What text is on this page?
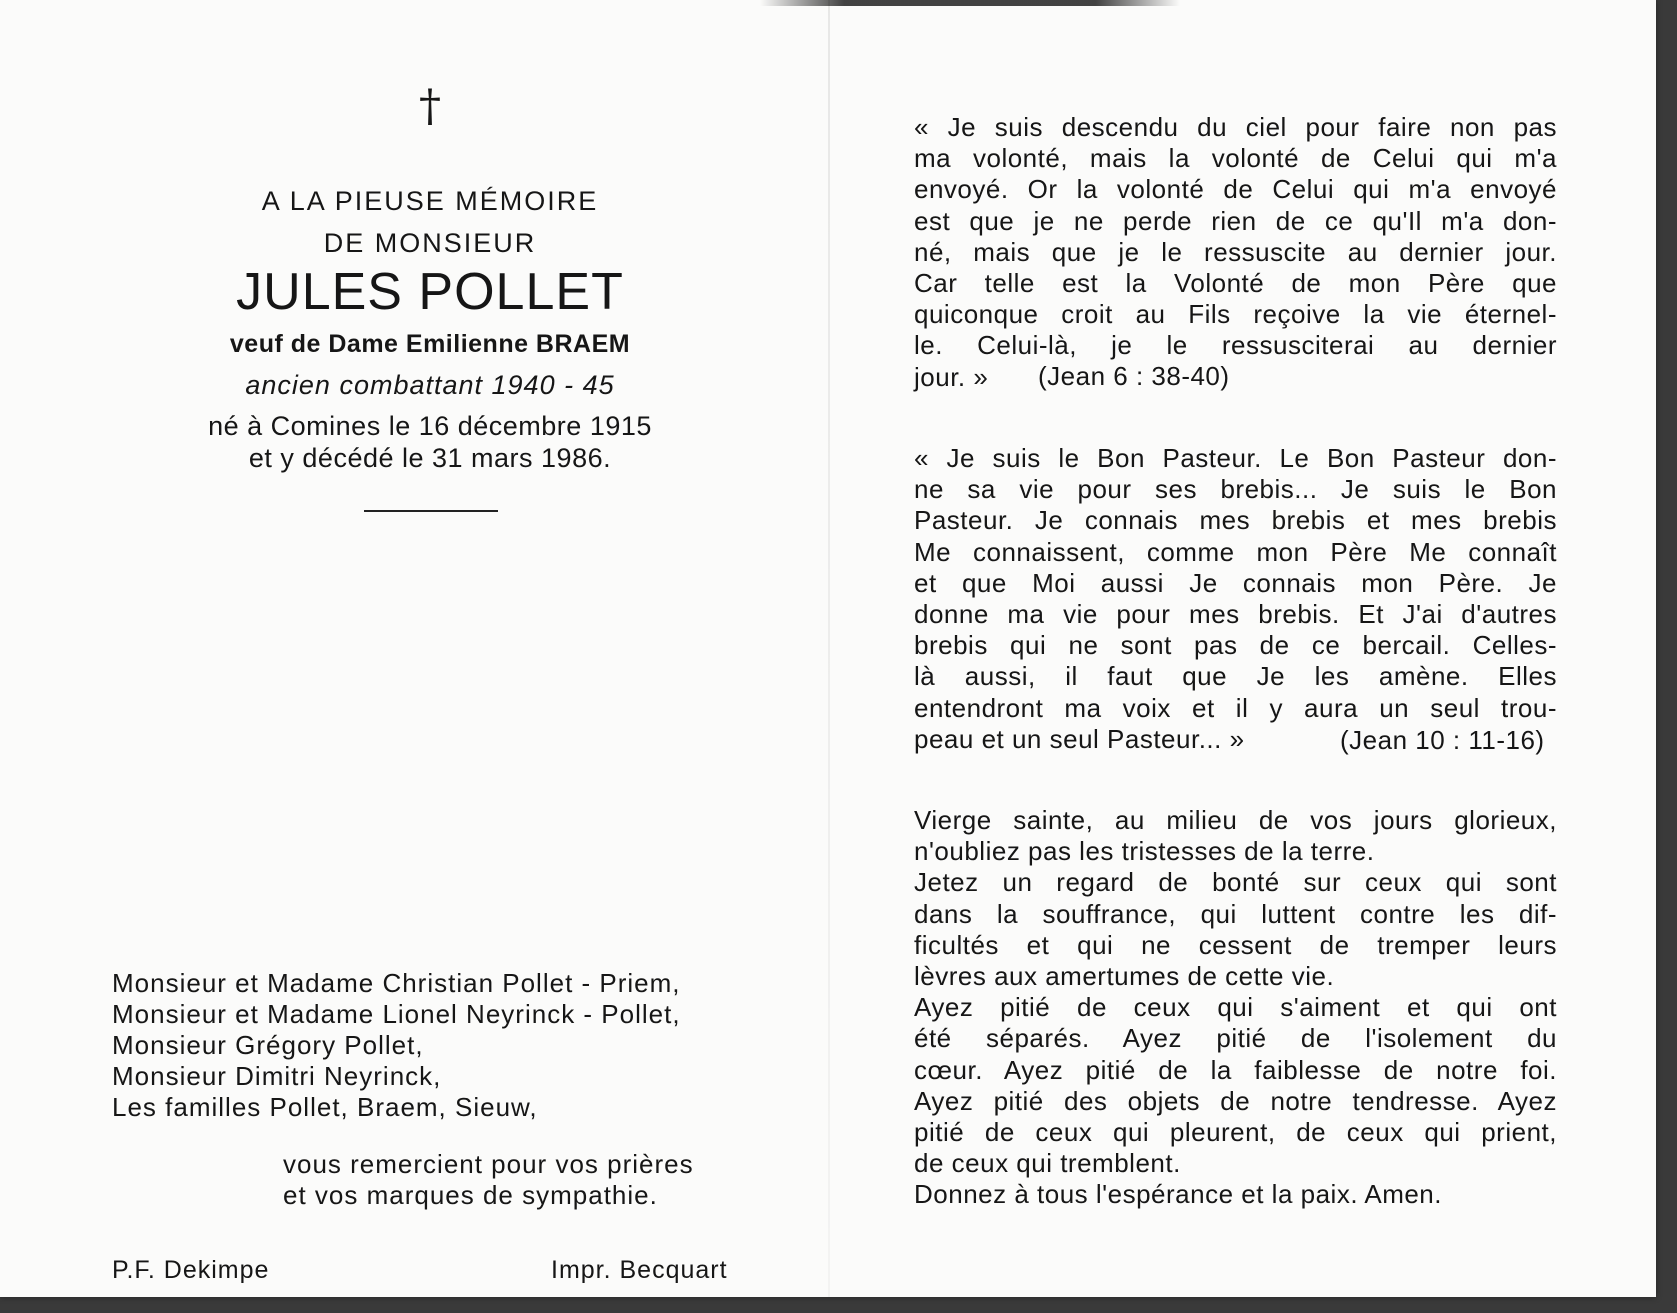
†
A LA PIEUSE MÉMOIRE
DE MONSIEUR
JULES POLLET
veuf de Dame Emilienne BRAEM
ancien combattant 1940 - 45
né à Comines le 16 décembre 1915
et y décédé le 31 mars 1986.
Monsieur et Madame Christian Pollet - Priem,
Monsieur et Madame Lionel Neyrinck - Pollet,
Monsieur Grégory Pollet,
Monsieur Dimitri Neyrinck,
Les familles Pollet, Braem, Sieuw,
vous remercient pour vos prières
et vos marques de sympathie.
P.F. Dekimpe	Impr. Becquart
« Je suis descendu du ciel pour faire non pas
ma volonté, mais la volonté de Celui qui m'a
envoyé. Or la volonté de Celui qui m'a envoyé
est que je ne perde rien de ce qu'Il m'a don-
né, mais que je le ressuscite au dernier jour.
Car telle est la Volonté de mon Père que
quiconque croit au Fils reçoive la vie éternel-
le. Celui-là, je le ressusciterai au dernier
jour. »	(Jean 6 : 38-40)
« Je suis le Bon Pasteur. Le Bon Pasteur don-
ne sa vie pour ses brebis... Je suis le Bon
Pasteur. Je connais mes brebis et mes brebis
Me connaissent, comme mon Père Me connaît
et que Moi aussi Je connais mon Père. Je
donne ma vie pour mes brebis. Et J'ai d'autres
brebis qui ne sont pas de ce bercail. Celles-
là aussi, il faut que Je les amène. Elles
entendront ma voix et il y aura un seul trou-
peau et un seul Pasteur... »	(Jean 10 : 11-16)
Vierge sainte, au milieu de vos jours glorieux,
n'oubliez pas les tristesses de la terre.
Jetez un regard de bonté sur ceux qui sont
dans la souffrance, qui luttent contre les dif-
ficultés et qui ne cessent de tremper leurs
lèvres aux amertumes de cette vie.
Ayez pitié de ceux qui s'aiment et qui ont
été séparés. Ayez pitié de l'isolement du
cœur. Ayez pitié de la faiblesse de notre foi.
Ayez pitié des objets de notre tendresse. Ayez
pitié de ceux qui pleurent, de ceux qui prient,
de ceux qui tremblent.
Donnez à tous l'espérance et la paix. Amen.
